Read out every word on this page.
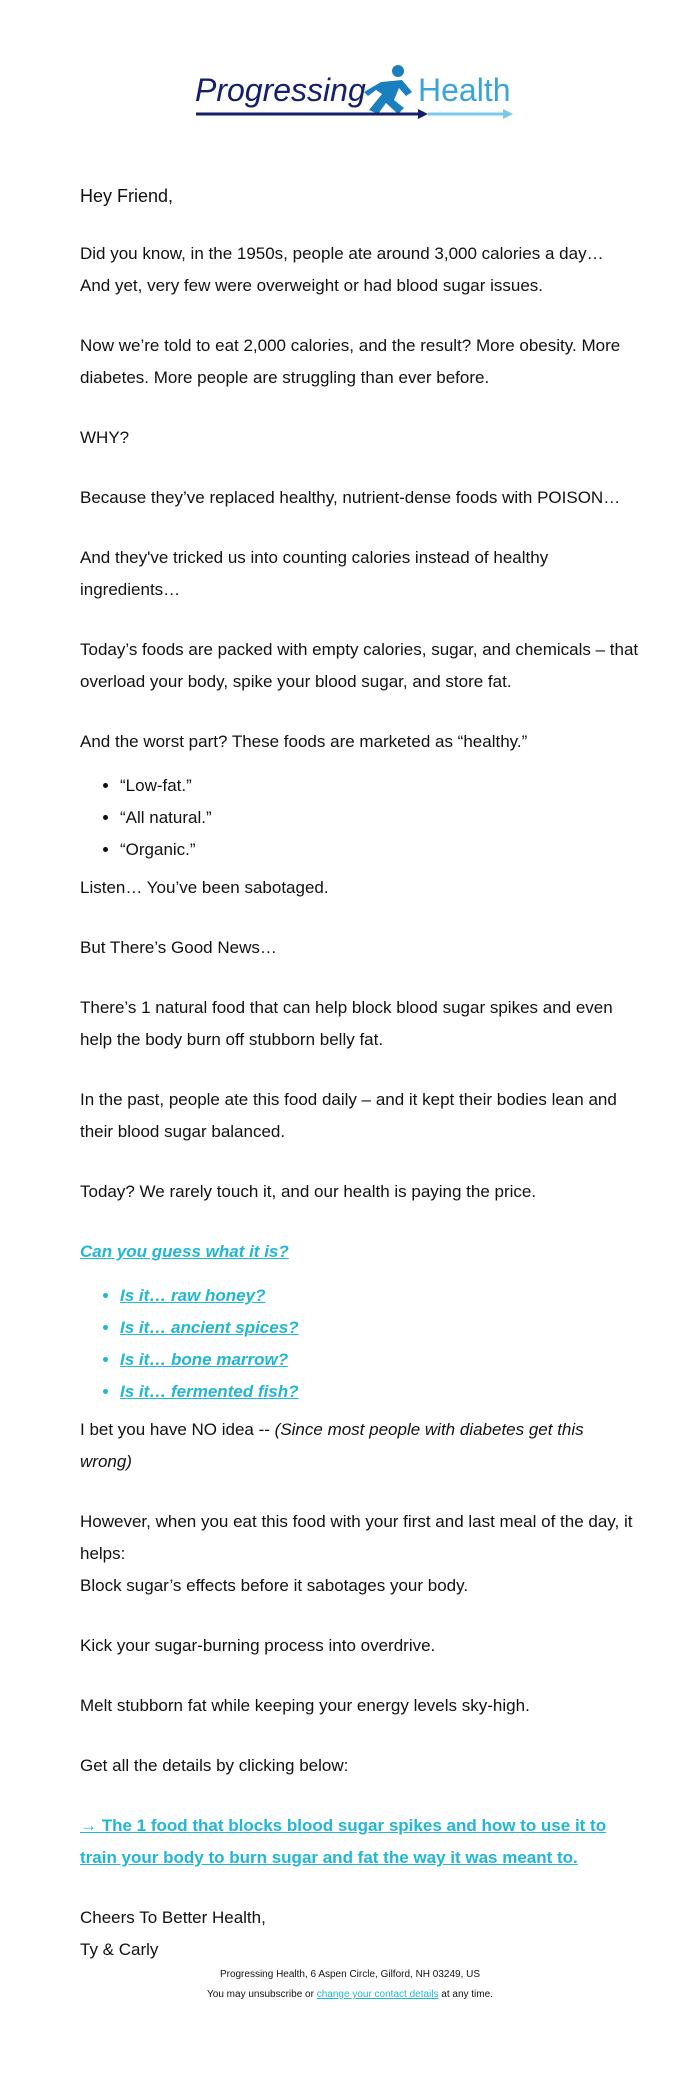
Progressing Health

Hey Friend,

Did you know, in the 1950s, people ate around 3,000 calories a day…

And yet, very few were overweight or had blood sugar issues.

Now we’re told to eat 2,000 calories, and the result? More obesity. More diabetes. More people are struggling than ever before.

WHY?

Because they’ve replaced healthy, nutrient-dense foods with POISON…

And they've tricked us into counting calories instead of healthy ingredients…

Today’s foods are packed with empty calories, sugar, and chemicals – that overload your body, spike your blood sugar, and store fat.

And the worst part? These foods are marketed as “healthy.”

• “Low-fat.”
• “All natural.”
• “Organic.”

Listen… You’ve been sabotaged.

But There’s Good News…

There’s 1 natural food that can help block blood sugar spikes and even help the body burn off stubborn belly fat.

In the past, people ate this food daily – and it kept their bodies lean and their blood sugar balanced.

Today? We rarely touch it, and our health is paying the price.

Can you guess what it is?

• Is it… raw honey?
• Is it… ancient spices?
• Is it… bone marrow?
• Is it… fermented fish?

I bet you have NO idea -- (Since most people with diabetes get this wrong)

However, when you eat this food with your first and last meal of the day, it helps:

Block sugar’s effects before it sabotages your body.

Kick your sugar-burning process into overdrive.

Melt stubborn fat while keeping your energy levels sky-high.

Get all the details by clicking below:

→ The 1 food that blocks blood sugar spikes and how to use it to train your body to burn sugar and fat the way it was meant to.

Cheers To Better Health,

Ty & Carly

Progressing Health, 6 Aspen Circle, Gilford, NH 03249, US
You may unsubscribe or change your contact details at any time.
